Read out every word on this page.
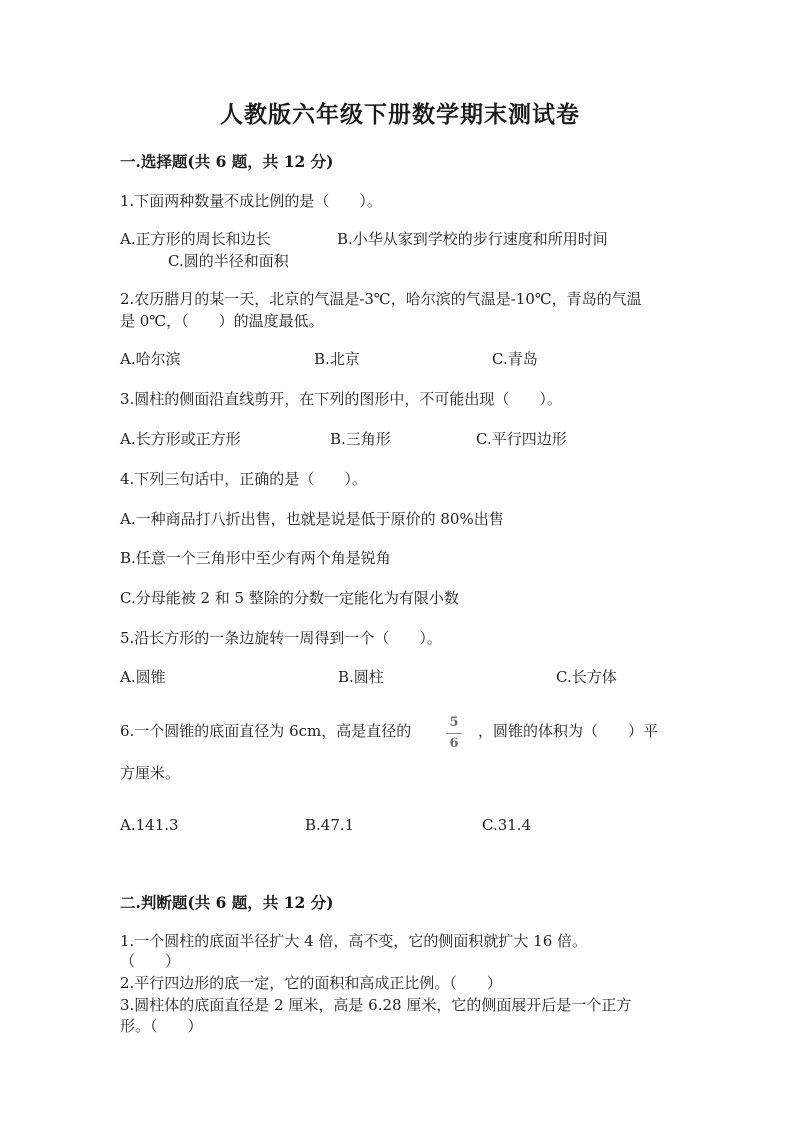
人教版六年级下册数学期末测试卷
一.选择题(共 6 题，共 12 分)
1.下面两种数量不成比例的是（　　）。
A.正方形的周长和边长	B.小华从家到学校的步行速度和所用时间
C.圆的半径和面积
2.农历腊月的某一天，北京的气温是-3℃，哈尔滨的气温是-10℃，青岛的气温
是 0℃，（　　）的温度最低。
A.哈尔滨	B.北京	C.青岛
3.圆柱的侧面沿直线剪开，在下列的图形中，不可能出现（　　）。
A.长方形或正方形	B.三角形	C.平行四边形
4.下列三句话中，正确的是（　　）。
A.一种商品打八折出售，也就是说是低于原价的 80%出售
B.任意一个三角形中至少有两个角是锐角
C.分母能被 2 和 5 整除的分数一定能化为有限小数
5.沿长方形的一条边旋转一周得到一个（　　）。
A.圆锥	B.圆柱	C.长方体
6.一个圆锥的底面直径为 6cm，高是直径的	5
6
，圆锥的体积为（　　）平
方厘米。
A.141.3	B.47.1	C.31.4
二.判断题(共 6 题，共 12 分)
1.一个圆柱的底面半径扩大 4 倍，高不变，它的侧面积就扩大 16 倍。
（　　）
2.平行四边形的底一定，它的面积和高成正比例。（　　）
3.圆柱体的底面直径是 2 厘米，高是 6.28 厘米，它的侧面展开后是一个正方
形。（　　）
